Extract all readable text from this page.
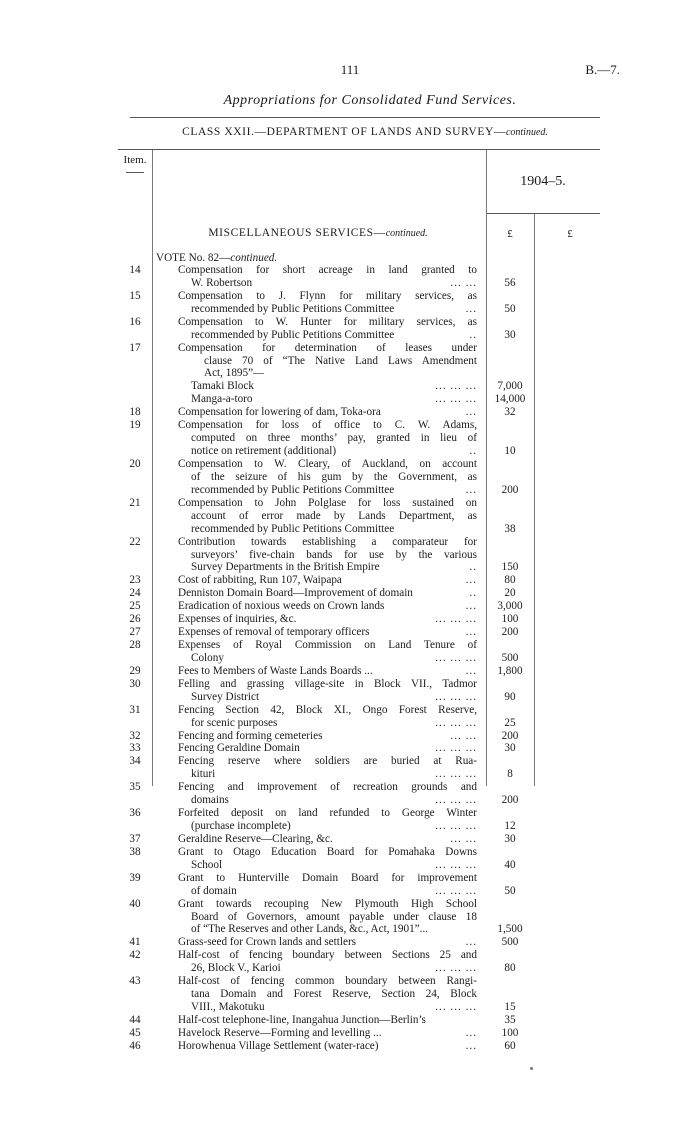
111	B.—7.
Appropriations for Consolidated Fund Services.
CLASS XXII.—DEPARTMENT OF LANDS AND SURVEY—continued.
Item.
1904–5.
MISCELLANEOUS SERVICES—continued.	£	£
VOTE No. 82—continued.
14	Compensation for short acreage in land granted to
W. Robertson	... ...	56
15	Compensation to J. Flynn for military services, as
recommended by Public Petitions Committee	...	50
16	Compensation to W. Hunter for military services, as
recommended by Public Petitions Committee	..	30
17	Compensation for determination of leases under
clause 70 of “The Native Land Laws Amendment
Act, 1895”—
Tamaki Block	... ... ...	7,000
Manga-a-toro	... ... ...	14,000
18	Compensation for lowering of dam, Toka-ora	...	32
19	Compensation for loss of office to C. W. Adams,
computed on three months’ pay, granted in lieu of
notice on retirement (additional)	..	10
20	Compensation to W. Cleary, of Auckland, on account
of the seizure of his gum by the Government, as
recommended by Public Petitions Committee	...	200
21	Compensation to John Polglase for loss sustained on
account of error made by Lands Department, as
recommended by Public Petitions Committee	38
22	Contribution towards establishing a comparateur for
surveyors’ five-chain bands for use by the various
Survey Departments in the British Empire	..	150
23	Cost of rabbiting, Run 107, Waipapa	...	80
24	Denniston Domain Board—Improvement of domain	..	20
25	Eradication of noxious weeds on Crown lands	...	3,000
26	Expenses of inquiries, &c.	... ... ...	100
27	Expenses of removal of temporary officers	...	200
28	Expenses of Royal Commission on Land Tenure of
Colony	... ... ...	500
29	Fees to Members of Waste Lands Boards ...	...	1,800
30	Felling and grassing village-site in Block VII., Tadmor
Survey District	... ... ...	90
31	Fencing Section 42, Block XI., Ongo Forest Reserve,
for scenic purposes	... ... ...	25
32	Fencing and forming cemeteries	... ...	200
33	Fencing Geraldine Domain	... ... ...	30
34	Fencing reserve where soldiers are buried at Rua-
kituri	... ... ...	8
35	Fencing and improvement of recreation grounds and
domains	... ... ...	200
36	Forfeited deposit on land refunded to George Winter
(purchase incomplete)	... ... ...	12
37	Geraldine Reserve—Clearing, &c.	... ...	30
38	Grant to Otago Education Board for Pomahaka Downs
School	... ... ...	40
39	Grant to Hunterville Domain Board for improvement
of domain	... ... ...	50
40	Grant towards recouping New Plymouth High School
Board of Governors, amount payable under clause 18
of “The Reserves and other Lands, &c., Act, 1901”...	1,500
41	Grass-seed for Crown lands and settlers	...	500
42	Half-cost of fencing boundary between Sections 25 and
26, Block V., Karioi	... ... ...	80
43	Half-cost of fencing common boundary between Rangi-
tana Domain and Forest Reserve, Section 24, Block
VIII., Makotuku	... ... ...	15
44	Half-cost telephone-line, Inangahua Junction—Berlin’s	35
45	Havelock Reserve—Forming and levelling ...	...	100
46	Horowhenua Village Settlement (water-race)	...	60
